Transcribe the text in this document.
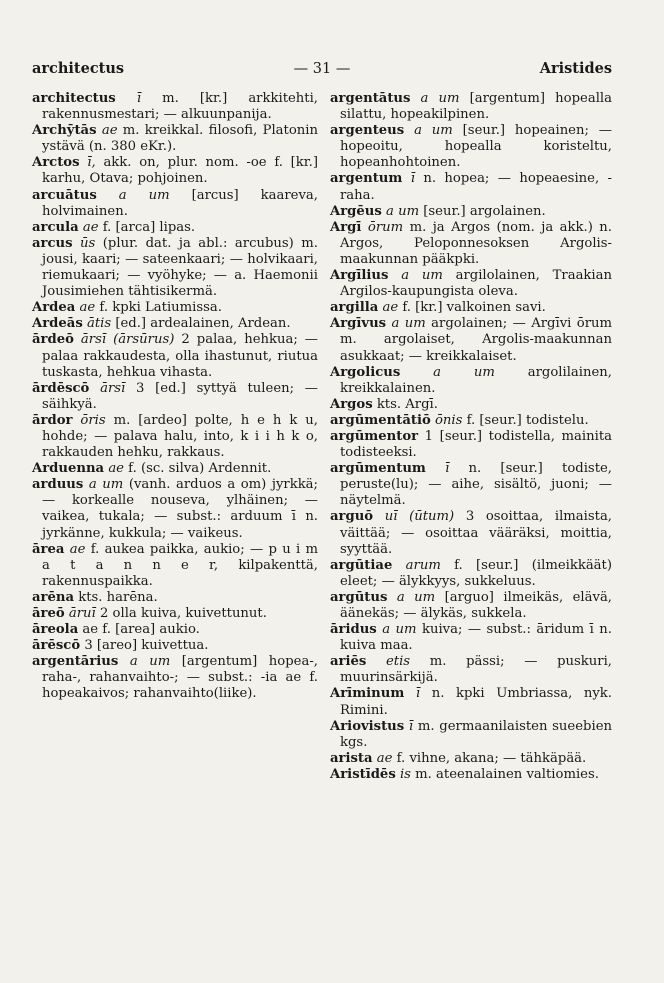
architectus	— 31 —	Aristides

architectus ī m. [kr.] arkkitehti, rakennusmestari; — alkuunpanija.

Archȳtās ae m. kreikkal. filosofi, Platonin ystävä (n. 380 eKr.).

Arctos ī, akk. on, plur. nom. -oe f. [kr.] karhu, Otava; pohjoinen.

arcuātus a um [arcus] kaareva, holvimainen.

arcula ae f. [arca] lipas.

arcus ūs (plur. dat. ja abl.: arcubus) m. jousi, kaari; — sateenkaari; — holvikaari, riemukaari; — vyöhyke; — a. Haemonii Jousimiehen tähtisikermä.

Ardea ae f. kpki Latiumissa.

Ardeās ātis [ed.] ardealainen, Ardean.

ārdeō ārsī (ārsūrus) 2 palaa, hehkua; — palaa rakkaudesta, olla ihastunut, riutua tuskasta, hehkua vihasta.

ārdēscō ārsī 3 [ed.] syttyä tuleen; — säihkyä.

ārdor ōris m. [ardeo] polte, h e h k u, hohde; — palava halu, into, k i i h k o, rakkauden hehku, rakkaus.

Arduenna ae f. (sc. silva) Ardennit.

arduus a um (vanh. arduos a om) jyrkkä; — korkealle nouseva, ylhäinen; — vaikea, tukala; — subst.: arduum ī n. jyrkänne, kukkula; — vaikeus.

ārea ae f. aukea paikka, aukio; — p u i m a t a n n e r, kilpakenttä, rakennuspaikka.

arēna kts. harēna.

āreō āruī 2 olla kuiva, kuivettunut.

āreola ae f. [area] aukio.

ārēscō 3 [areo] kuivettua.

argentārius a um [argentum] hopea-, raha-, rahanvaihto-; — subst.: -ia ae f. hopeakaivos; rahanvaihto(liike).

argentātus a um [argentum] hopealla silattu, hopeakilpinen.

argenteus a um [seur.] hopeainen; — hopeoitu, hopealla koristeltu, hopeanhohtoinen.

argentum ī n. hopea; — hopeaesine, -raha.

Argēus a um [seur.] argolainen.

Argī ōrum m. ja Argos (nom. ja akk.) n. Argos, Peloponnesoksen Argolis-maakunnan pääkpki.

Argīlius a um argilolainen, Traakian Argilos-kaupungista oleva.

argilla ae f. [kr.] valkoinen savi.

Argīvus a um argolainen; — Argīvi ōrum m. argolaiset, Argolis-maakunnan asukkaat; — kreikkalaiset.

Argolicus a um argolilainen, kreikkalainen.

Argos kts. Argī.

argūmentātiō ōnis f. [seur.] todistelu.

argūmentor 1 [seur.] todistella, mainita todisteeksi.

argūmentum ī n. [seur.] todiste, peruste(lu); — aihe, sisältö, juoni; — näytelmä.

arguō uī (ūtum) 3 osoittaa, ilmaista, väittää; — osoittaa vääräksi, moittia, syyttää.

argūtiae arum f. [seur.] (ilmeikkäät) eleet; — älykkyys, sukkeluus.

argūtus a um [arguo] ilmeikäs, elävä, äänekäs; — älykäs, sukkela.

āridus a um kuiva; — subst.: āridum ī n. kuiva maa.

ariēs etis m. pässi; — puskuri, muurinsärkijä.

Arīminum ī n. kpki Umbriassa, nyk. Rimini.

Ariovistus ī m. germaanilaisten sueebien kgs.

arista ae f. vihne, akana; — tähkäpää.

Aristīdēs is m. ateenalainen valtiomies.
